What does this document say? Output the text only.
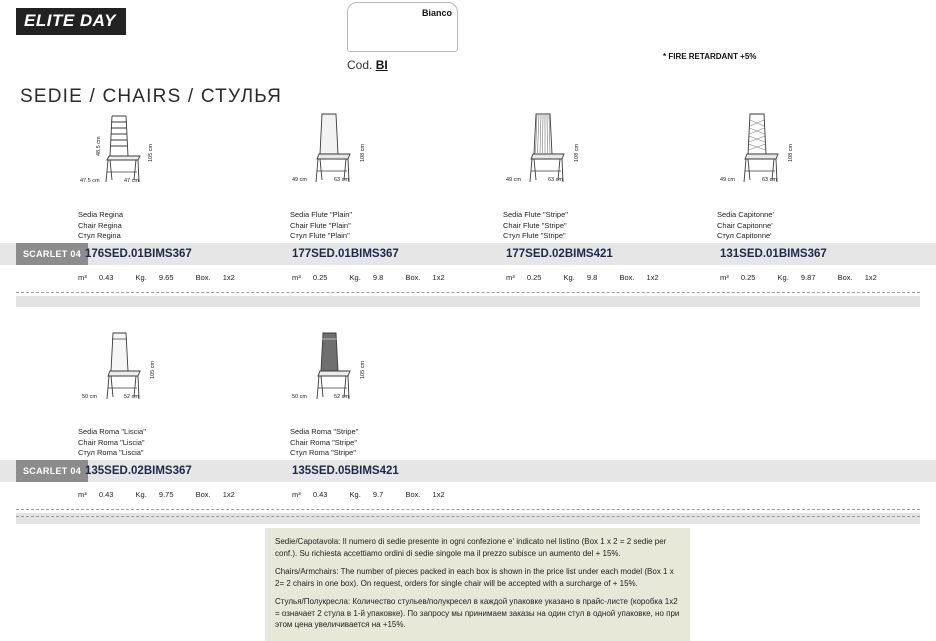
ELITE DAY	Bianco
Cod. BI
* FIRE RETARDANT +5%
SEDIE / CHAIRS / СТУЛЬЯ
48.5 cm	105 cm
47.5 cm	47 cm
108 cm
49 cm	63 cm
108 cm
49 cm	63 cm
108 cm
49 cm	63 cm
Sedia Regina
Chair Regina
Стул Regina
Sedia Flute "Plain"
Chair Flute "Plain"
Стул Flute "Plain"
Sedia Flute "Stripe"
Chair Flute "Stripe"
Стул Flute "Stripe"
Sedia Capitonne'
Chair Capitonne'
Стул Capitonne'
SCARLET 04 176SED.01BIMS367	177SED.01BIMS367	177SED.02BIMS421	131SED.01BIMS367
m³ 0.43	Kg. 9.65	Box. 1x2	m³ 0.25	Kg. 9.8	Box. 1x2	m³ 0.25	Kg. 9.8	Box. 1x2	m³ 0.25	Kg. 9.87	Box. 1x2
105 cm
50 cm	52 cm
105 cm
50 cm	52 cm
Sedia Roma "Liscia"
Chair Roma "Liscia"
Стул Roma "Liscia"
Sedia Roma "Stripe"
Chair Roma "Stripe"
Стул Roma "Stripe"
SCARLET 04 135SED.02BIMS367	135SED.05BIMS421
m³ 0.43	Kg. 9.75	Box. 1x2	m³ 0.43	Kg. 9.7	Box. 1x2

Sedie/Capotavola: Il numero di sedie presente in ogni confezione e' indicato nel listino (Box 1 x 2 = 2 sedie per conf.). Su richiesta accettiamo ordini di sedie singole ma il prezzo subisce un aumento del + 15%.

Chairs/Armchairs: The number of pieces packed in each box is shown in the price list under each model (Box 1 x 2= 2 chairs in one box). On request, orders for single chair will be accepted with a surcharge of + 15%.

Стулья/Полукресла: Количество стульев/полукресел в каждой упаковке указано в прайс-листе (коробка 1х2 = означает 2 стула в 1-й упаковке). По запросу мы принимаем заказы на один стул в одной упаковке, но при этом цена увеличивается на +15%.
